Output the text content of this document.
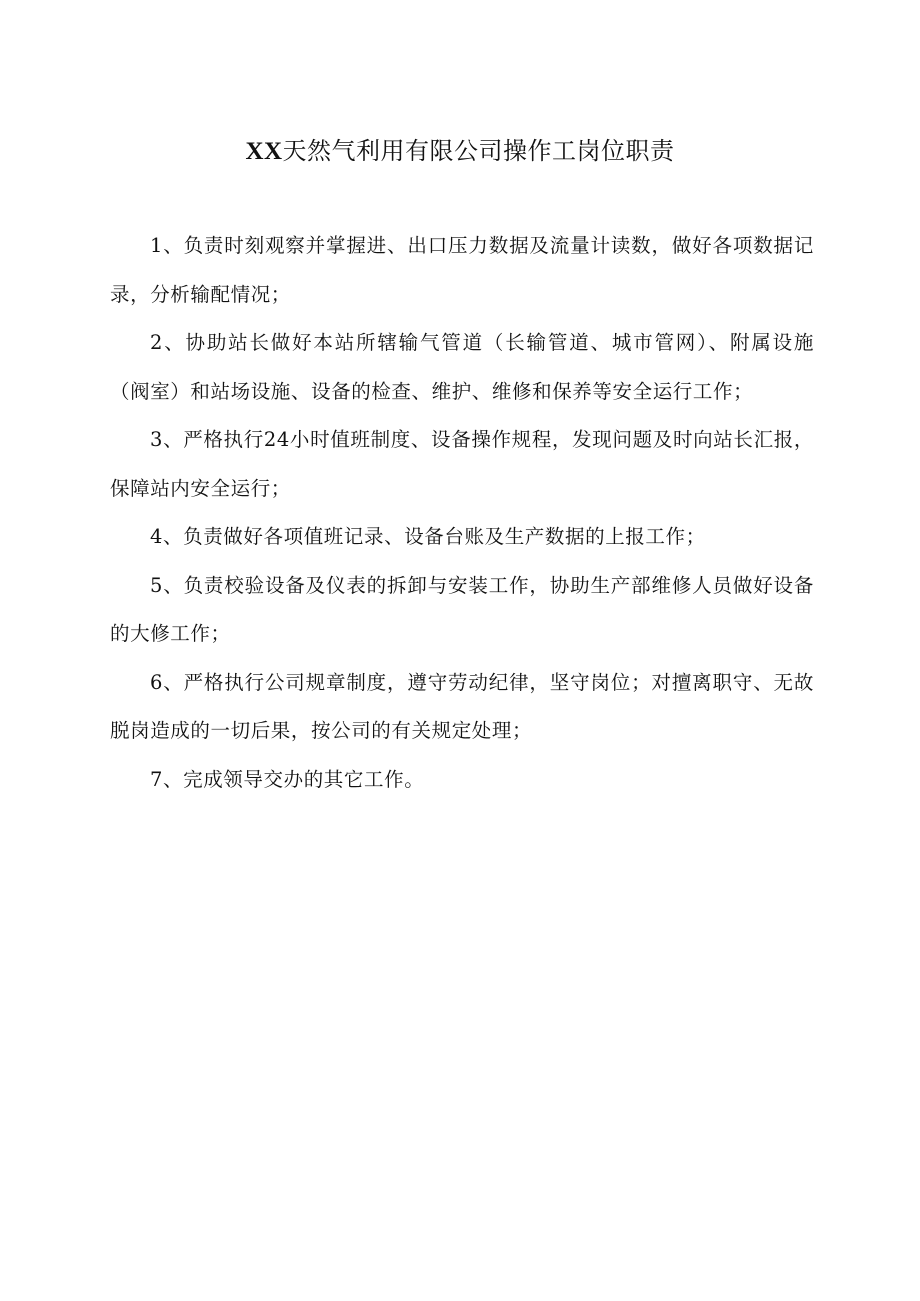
XX天然气利用有限公司操作工岗位职责

1、负责时刻观察并掌握进、出口压力数据及流量计读数，做好各项数据记录，分析输配情况；

2、协助站长做好本站所辖输气管道（长输管道、城市管网）、附属设施（阀室）和站场设施、设备的检查、维护、维修和保养等安全运行工作；

3、严格执行24小时值班制度、设备操作规程，发现问题及时向站长汇报，保障站内安全运行；

4、负责做好各项值班记录、设备台账及生产数据的上报工作；

5、负责校验设备及仪表的拆卸与安装工作，协助生产部维修人员做好设备的大修工作；

6、严格执行公司规章制度，遵守劳动纪律，坚守岗位；对擅离职守、无故脱岗造成的一切后果，按公司的有关规定处理；

7、完成领导交办的其它工作。
